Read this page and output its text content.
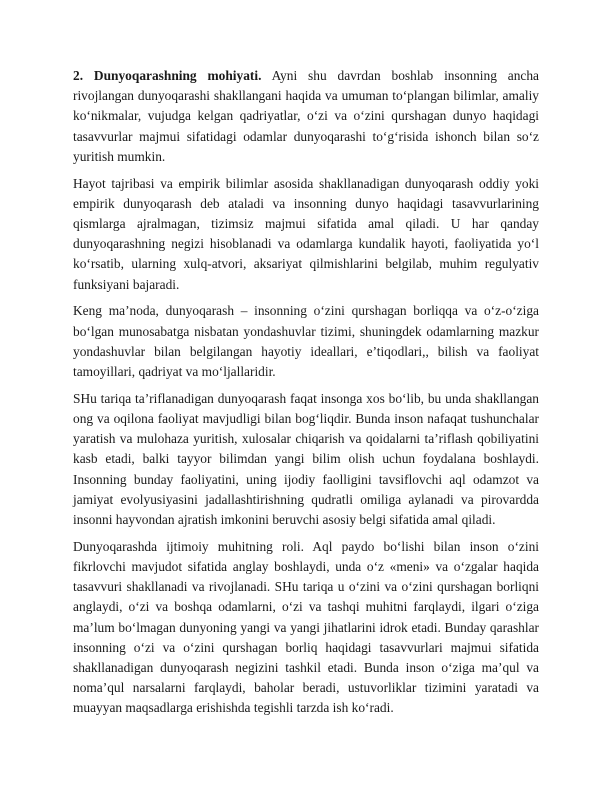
2. Dunyoqarashning mohiyati. Ayni shu davrdan boshlab insonning ancha rivojlangan dunyoqarashi shakllangani haqida va umuman to‘plangan bilimlar, amaliy ko‘nikmalar, vujudga kelgan qadriyatlar, o‘zi va o‘zini qurshagan dunyo haqidagi tasavvurlar majmui sifatidagi odamlar dunyoqarashi to‘g‘risida ishonch bilan so‘z yuritish mumkin.

Hayot tajribasi va empirik bilimlar asosida shakllanadigan dunyoqarash oddiy yoki empirik dunyoqarash deb ataladi va insonning dunyo haqidagi tasavvurlarining qismlarga ajralmagan, tizimsiz majmui sifatida amal qiladi. U har qanday dunyoqarashning negizi hisoblanadi va odamlarga kundalik hayoti, faoliyatida yo‘l ko‘rsatib, ularning xulq-atvori, aksariyat qilmishlarini belgilab, muhim regulyativ funksiyani bajaradi.

Keng ma’noda, dunyoqarash – insonning o‘zini qurshagan borliqqa va o‘z-o‘ziga bo‘lgan munosabatga nisbatan yondashuvlar tizimi, shuningdek odamlarning mazkur yondashuvlar bilan belgilangan hayotiy ideallari, e’tiqodlari,, bilish va faoliyat tamoyillari, qadriyat va mo‘ljallaridir.

SHu tariqa ta’riflanadigan dunyoqarash faqat insonga xos bo‘lib, bu unda shakllangan ong va oqilona faoliyat mavjudligi bilan bog‘liqdir. Bunda inson nafaqat tushunchalar yaratish va mulohaza yuritish, xulosalar chiqarish va qoidalarni ta’riflash qobiliyatini kasb etadi, balki tayyor bilimdan yangi bilim olish uchun foydalana boshlaydi. Insonning bunday faoliyatini, uning ijodiy faolligini tavsiflovchi aql odamzot va jamiyat evolyusiyasini jadallashtirishning qudratli omiliga aylanadi va pirovardda insonni hayvondan ajratish imkonini beruvchi asosiy belgi sifatida amal qiladi.

Dunyoqarashda ijtimoiy muhitning roli. Aql paydo bo‘lishi bilan inson o‘zini fikrlovchi mavjudot sifatida anglay boshlaydi, unda o‘z «meni» va o‘zgalar haqida tasavvuri shakllanadi va rivojlanadi. SHu tariqa u o‘zini va o‘zini qurshagan borliqni anglaydi, o‘zi va boshqa odamlarni, o‘zi va tashqi muhitni farqlaydi, ilgari o‘ziga ma’lum bo‘lmagan dunyoning yangi va yangi jihatlarini idrok etadi. Bunday qarashlar insonning o‘zi va o‘zini qurshagan borliq haqidagi tasavvurlari majmui sifatida shakllanadigan dunyoqarash negizini tashkil etadi. Bunda inson o‘ziga ma’qul va noma’qul narsalarni farqlaydi, baholar beradi, ustuvorliklar tizimini yaratadi va muayyan maqsadlarga erishishda tegishli tarzda ish ko‘radi.
